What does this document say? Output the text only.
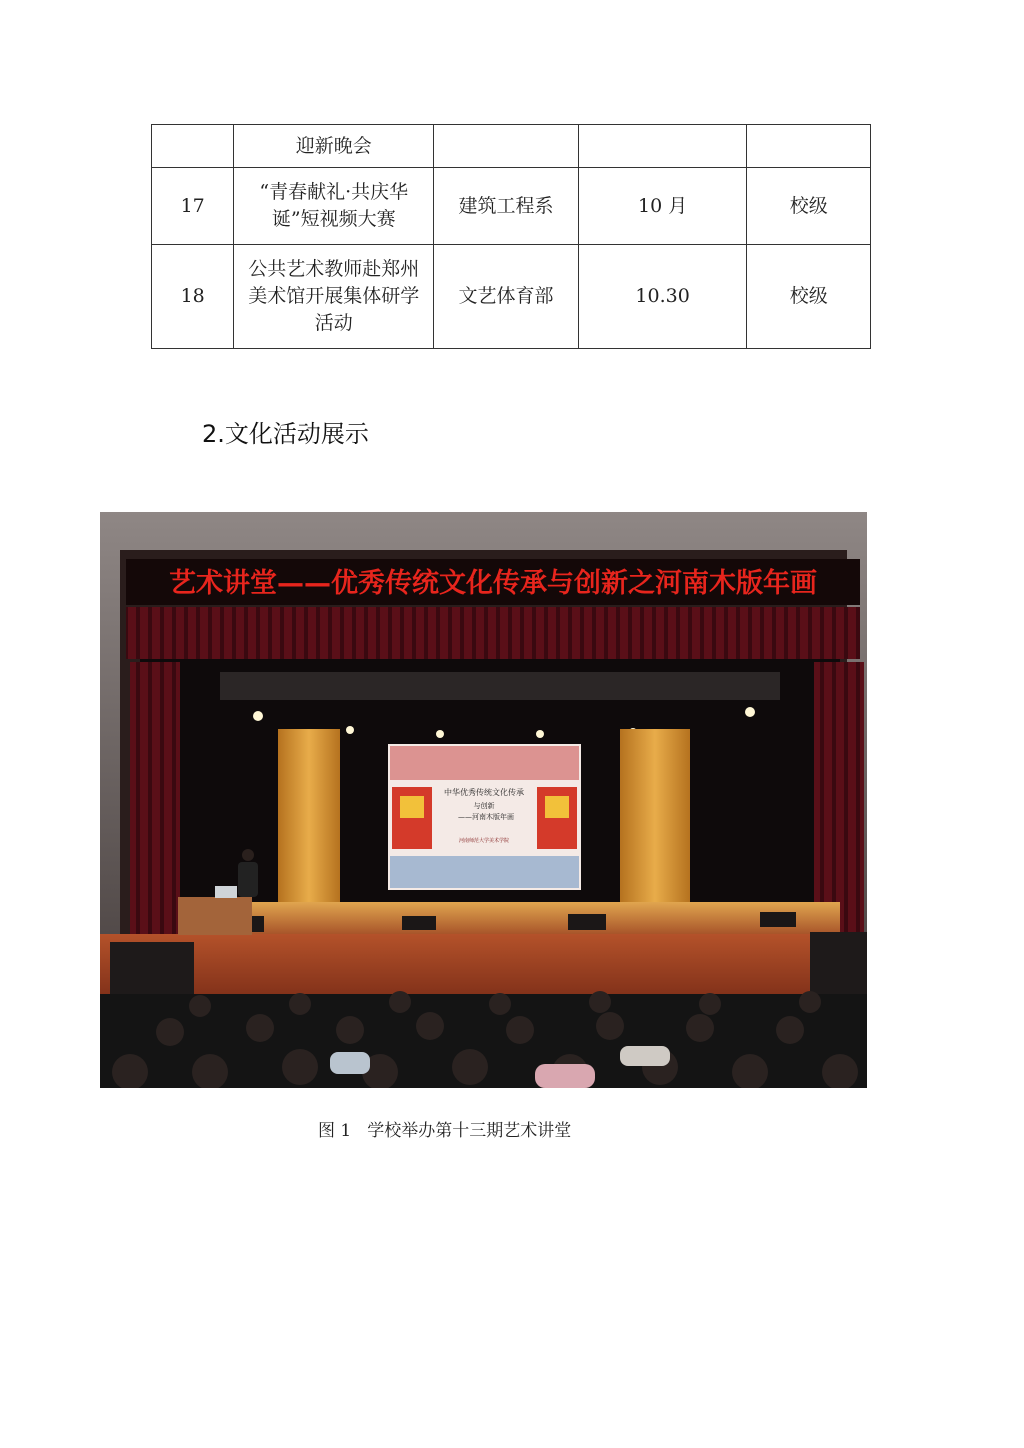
	迎新晚会			
17	“青春献礼·共庆华诞”短视频大赛	建筑工程系	10 月	校级
18	公共艺术教师赴郑州美术馆开展集体研学活动	文艺体育部	10.30	校级
2.文化活动展示
艺术讲堂——优秀传统文化传承与创新之河南木版年画
中华优秀传统文化传承
与创新
——河南木版年画
河南师范大学美术学院
图 1 学校举办第十三期艺术讲堂
